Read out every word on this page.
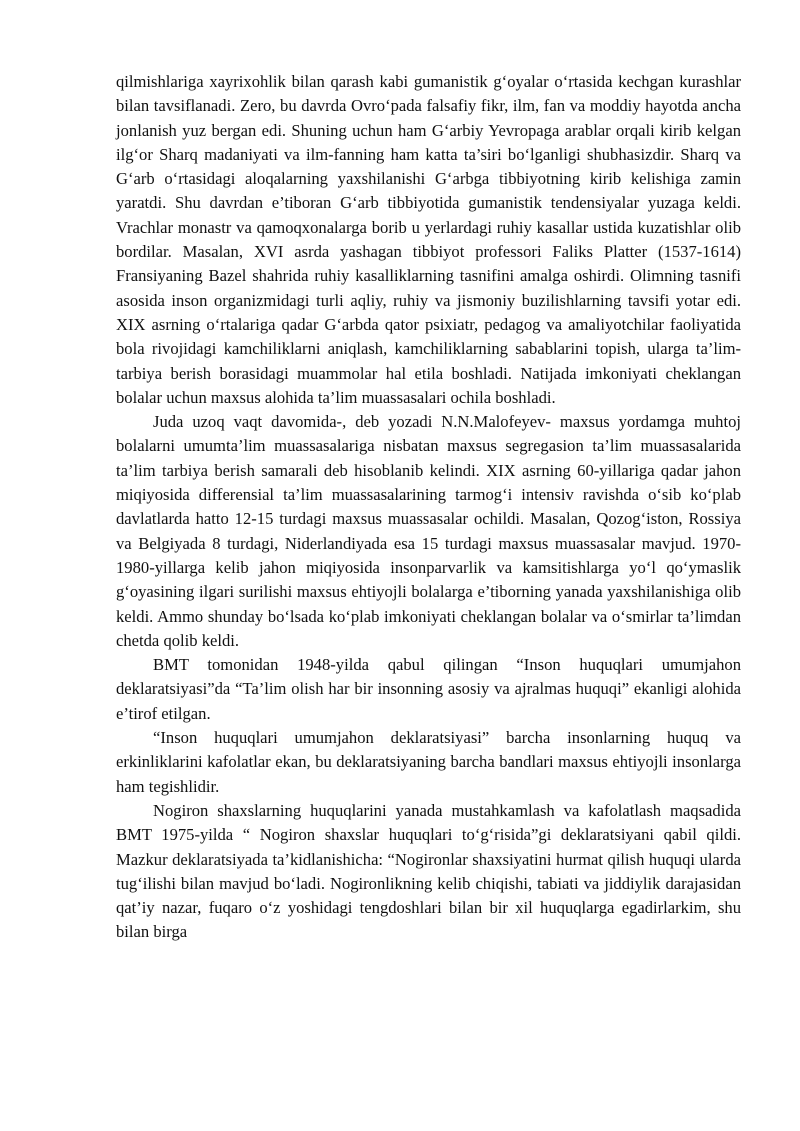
qilmishlariga xayrixohlik bilan qarash kabi gumanistik g‘oyalar o‘rtasida kechgan kurashlar bilan tavsiflanadi. Zero, bu davrda Ovro‘pada falsafiy fikr, ilm, fan va moddiy hayotda ancha jonlanish yuz bergan edi. Shuning uchun ham G‘arbiy Yevropaga arablar orqali kirib kelgan ilg‘or Sharq madaniyati va ilm-fanning ham katta ta’siri bo‘lganligi shubhasizdir. Sharq va G‘arb o‘rtasidagi aloqalarning yaxshilanishi G‘arbga tibbiyotning kirib kelishiga zamin yaratdi. Shu davrdan e’tiboran G‘arb tibbiyotida gumanistik tendensiyalar yuzaga keldi. Vrachlar monastr va qamoqxonalarga borib u yerlardagi ruhiy kasallar ustida kuzatishlar olib bordilar. Masalan, XVI asrda yashagan tibbiyot professori Faliks Platter (1537-1614) Fransiyaning Bazel shahrida ruhiy kasalliklarning tasnifini amalga oshirdi. Olimning tasnifi asosida inson organizmidagi turli aqliy, ruhiy va jismoniy buzilishlarning tavsifi yotar edi. XIX asrning o‘rtalariga qadar G‘arbda qator psixiatr, pedagog va amaliyotchilar faoliyatida bola rivojidagi kamchiliklarni aniqlash, kamchiliklarning sabablarini topish, ularga ta’lim-tarbiya berish borasidagi muammolar hal etila boshladi. Natijada imkoniyati cheklangan bolalar uchun maxsus alohida ta’lim muassasalari ochila boshladi.

Juda uzoq vaqt davomida-, deb yozadi N.N.Malofeyev- maxsus yordamga muhtoj bolalarni umumta’lim muassasalariga nisbatan maxsus segregasion ta’lim muassasalarida ta’lim tarbiya berish samarali deb hisoblanib kelindi. XIX asrning 60-yillariga qadar jahon miqiyosida differensial ta’lim muassasalarining tarmog‘i intensiv ravishda o‘sib ko‘plab davlatlarda hatto 12-15 turdagi maxsus muassasalar ochildi. Masalan, Qozog‘iston, Rossiya va Belgiyada 8 turdagi, Niderlandiyada esa 15 turdagi maxsus muassasalar mavjud. 1970-1980-yillarga kelib jahon miqiyosida insonparvarlik va kamsitishlarga yo‘l qo‘ymaslik g‘oyasining ilgari surilishi maxsus ehtiyojli bolalarga e’tiborning yanada yaxshilanishiga olib keldi. Ammo shunday bo‘lsada ko‘plab imkoniyati cheklangan bolalar va o‘smirlar ta’limdan chetda qolib keldi.

BMT tomonidan 1948-yilda qabul qilingan “Inson huquqlari umumjahon deklaratsiyasi”da “Ta’lim olish har bir insonning asosiy va ajralmas huquqi” ekanligi alohida e’tirof etilgan.

“Inson huquqlari umumjahon deklaratsiyasi” barcha insonlarning huquq va erkinliklarini kafolatlar ekan, bu deklaratsiyaning barcha bandlari maxsus ehtiyojli insonlarga ham tegishlidir.

Nogiron shaxslarning huquqlarini yanada mustahkamlash va kafolatlash maqsadida BMT 1975-yilda “ Nogiron shaxslar huquqlari to‘g‘risida”gi deklaratsiyani qabil qildi. Mazkur deklaratsiyada ta’kidlanishicha: “Nogironlar shaxsiyatini hurmat qilish huquqi ularda tug‘ilishi bilan mavjud bo‘ladi. Nogironlikning kelib chiqishi, tabiati va jiddiylik darajasidan qat’iy nazar, fuqaro o‘z yoshidagi tengdoshlari bilan bir xil huquqlarga egadirlarkim, shu bilan birga
